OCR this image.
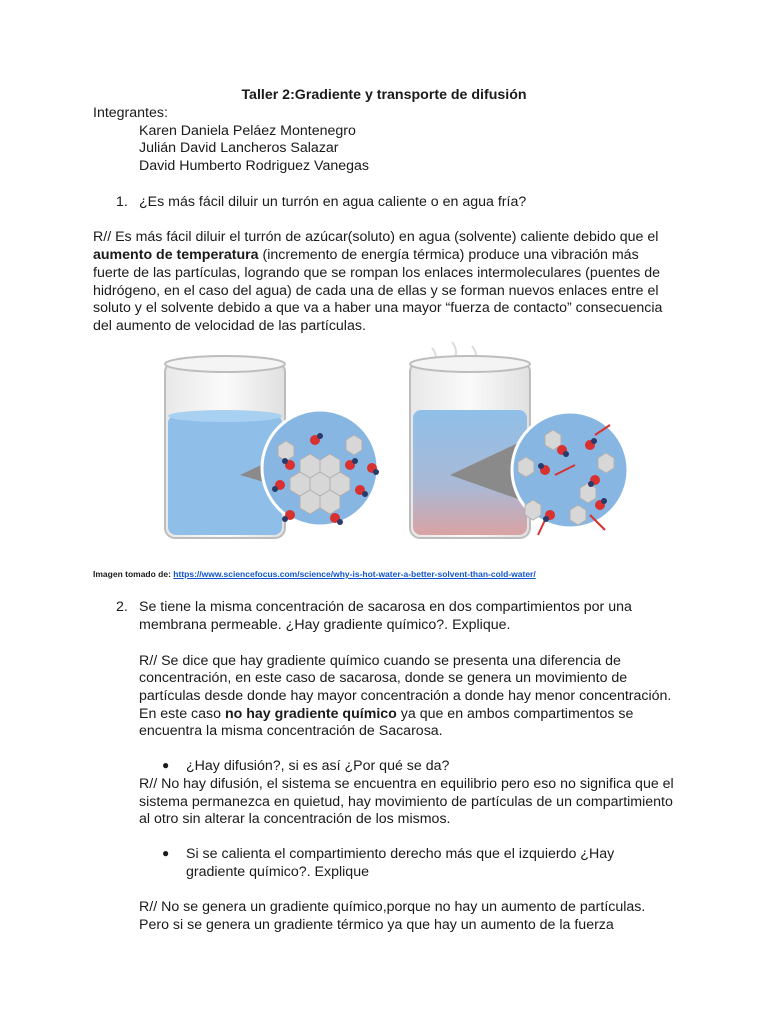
Taller 2:Gradiente y transporte de difusión
Integrantes:
Karen Daniela Peláez Montenegro
Julián David Lancheros Salazar
David Humberto Rodriguez Vanegas
1. ¿Es más fácil diluir un turrón en agua caliente o en agua fría?
R// Es más fácil diluir el turrón de azúcar(soluto) en agua (solvente) caliente debido que el
aumento de temperatura (incremento de energía térmica) produce una vibración más
fuerte de las partículas, logrando que se rompan los enlaces intermoleculares (puentes de
hidrógeno, en el caso del agua) de cada una de ellas y se forman nuevos enlaces entre el
soluto y el solvente debido a que va a haber una mayor “fuerza de contacto” consecuencia
del aumento de velocidad de las partículas.
Imagen tomado de: https://www.sciencefocus.com/science/why-is-hot-water-a-better-solvent-than-cold-water/
2. Se tiene la misma concentración de sacarosa en dos compartimientos por una
membrana permeable. ¿Hay gradiente químico?. Explique.
R// Se dice que hay gradiente químico cuando se presenta una diferencia de
concentración, en este caso de sacarosa, donde se genera un movimiento de
partículas desde donde hay mayor concentración a donde hay menor concentración.
En este caso no hay gradiente químico ya que en ambos compartimentos se
encuentra la misma concentración de Sacarosa.
● ¿Hay difusión?, si es así ¿Por qué se da?
R// No hay difusión, el sistema se encuentra en equilibrio pero eso no significa que el
sistema permanezca en quietud, hay movimiento de partículas de un compartimiento
al otro sin alterar la concentración de los mismos.
● Si se calienta el compartimiento derecho más que el izquierdo ¿Hay
gradiente químico?. Explique
R// No se genera un gradiente químico,porque no hay un aumento de partículas.
Pero si se genera un gradiente térmico ya que hay un aumento de la fuerza
